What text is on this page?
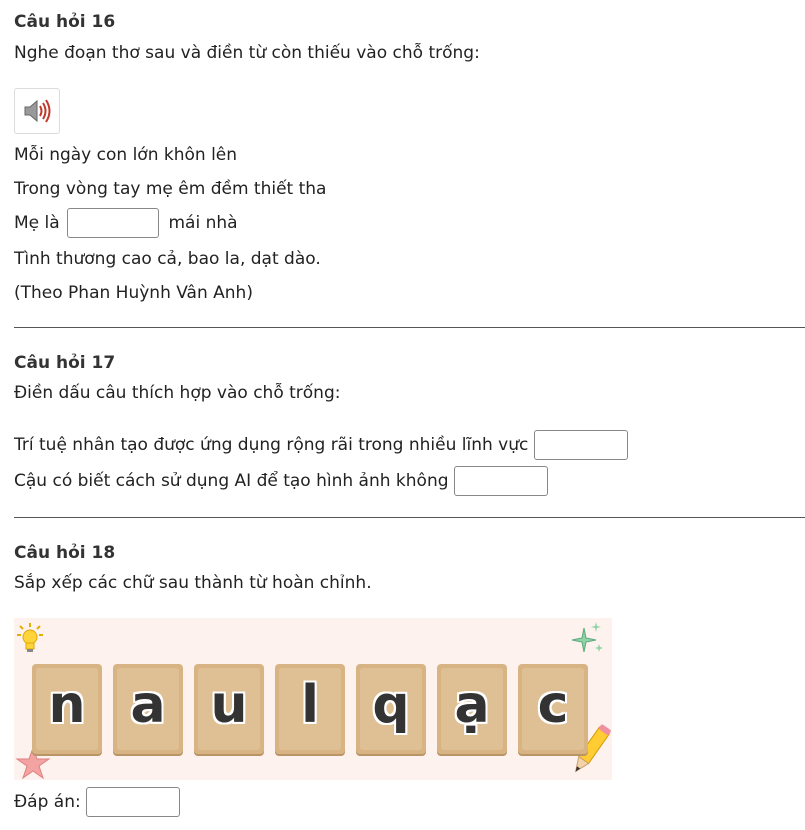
Câu hỏi 16
Nghe đoạn thơ sau và điền từ còn thiếu vào chỗ trống:
Mỗi ngày con lớn khôn lên
Trong vòng tay mẹ êm đềm thiết tha
Mẹ là	mái nhà
Tình thương cao cả, bao la, dạt dào.
(Theo Phan Huỳnh Vân Anh)
Câu hỏi 17
Điền dấu câu thích hợp vào chỗ trống:
Trí tuệ nhân tạo được ứng dụng rộng rãi trong nhiều lĩnh vực
Cậu có biết cách sử dụng AI để tạo hình ảnh không
Câu hỏi 18
Sắp xếp các chữ sau thành từ hoàn chỉnh.
n a u	l	q ạ c
Đáp án:
